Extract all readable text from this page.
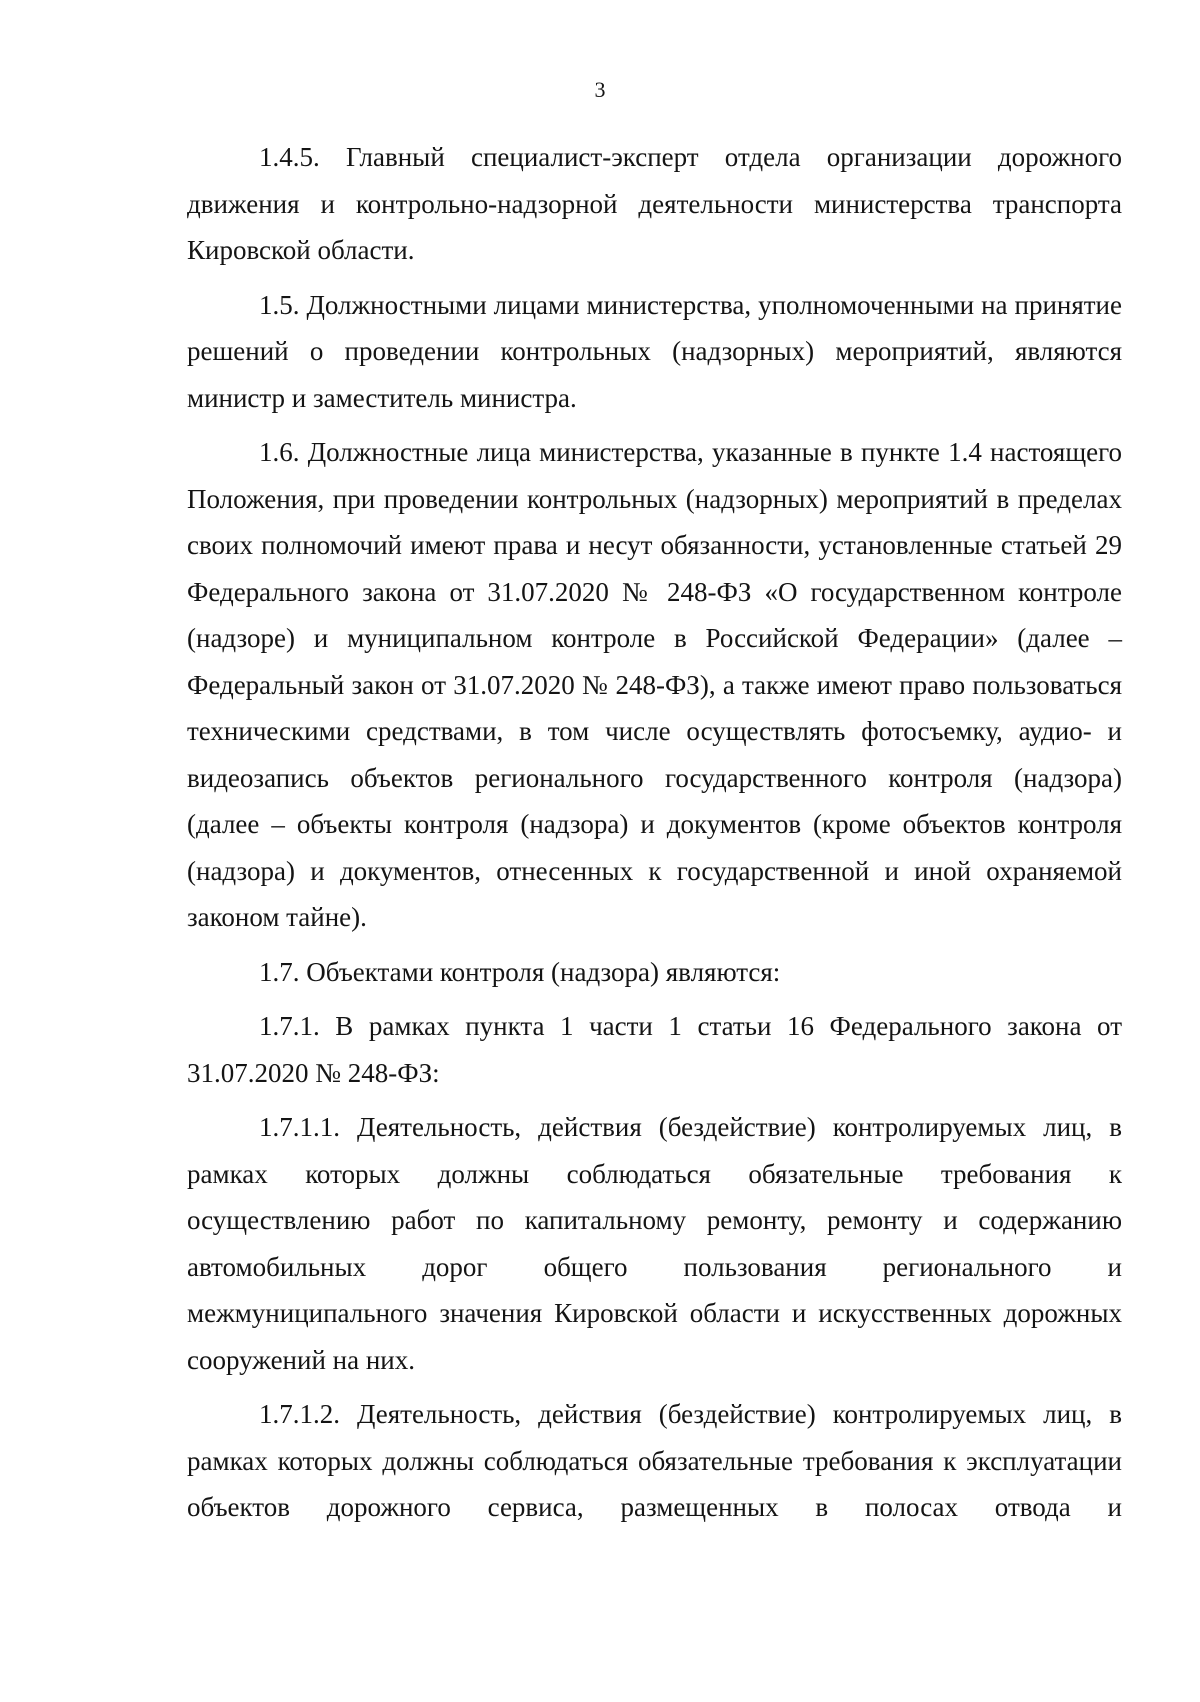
3

1.4.5. Главный специалист-эксперт отдела организации дорожного движения и контрольно-надзорной деятельности министерства транспорта Кировской области.

1.5. Должностными лицами министерства, уполномоченными на принятие решений о проведении контрольных (надзорных) мероприятий, являются министр и заместитель министра.

1.6. Должностные лица министерства, указанные в пункте 1.4 настоящего Положения, при проведении контрольных (надзорных) мероприятий в пределах своих полномочий имеют права и несут обязанности, установленные статьей 29 Федерального закона от 31.07.2020 № 248-ФЗ «О государственном контроле (надзоре) и муниципальном контроле в Российской Федерации» (далее – Федеральный закон от 31.07.2020 № 248-ФЗ), а также имеют право пользоваться техническими средствами, в том числе осуществлять фотосъемку, аудио- и видеозапись объектов регионального государственного контроля (надзора) (далее – объекты контроля (надзора) и документов (кроме объектов контроля (надзора) и документов, отнесенных к государственной и иной охраняемой законом тайне).

1.7. Объектами контроля (надзора) являются:

1.7.1. В рамках пункта 1 части 1 статьи 16 Федерального закона от 31.07.2020 № 248-ФЗ:

1.7.1.1. Деятельность, действия (бездействие) контролируемых лиц, в рамках которых должны соблюдаться обязательные требования к осуществлению работ по капитальному ремонту, ремонту и содержанию автомобильных дорог общего пользования регионального и межмуниципального значения Кировской области и искусственных дорожных сооружений на них.

1.7.1.2. Деятельность, действия (бездействие) контролируемых лиц, в рамках которых должны соблюдаться обязательные требования к эксплуатации объектов дорожного сервиса, размещенных в полосах отвода и
